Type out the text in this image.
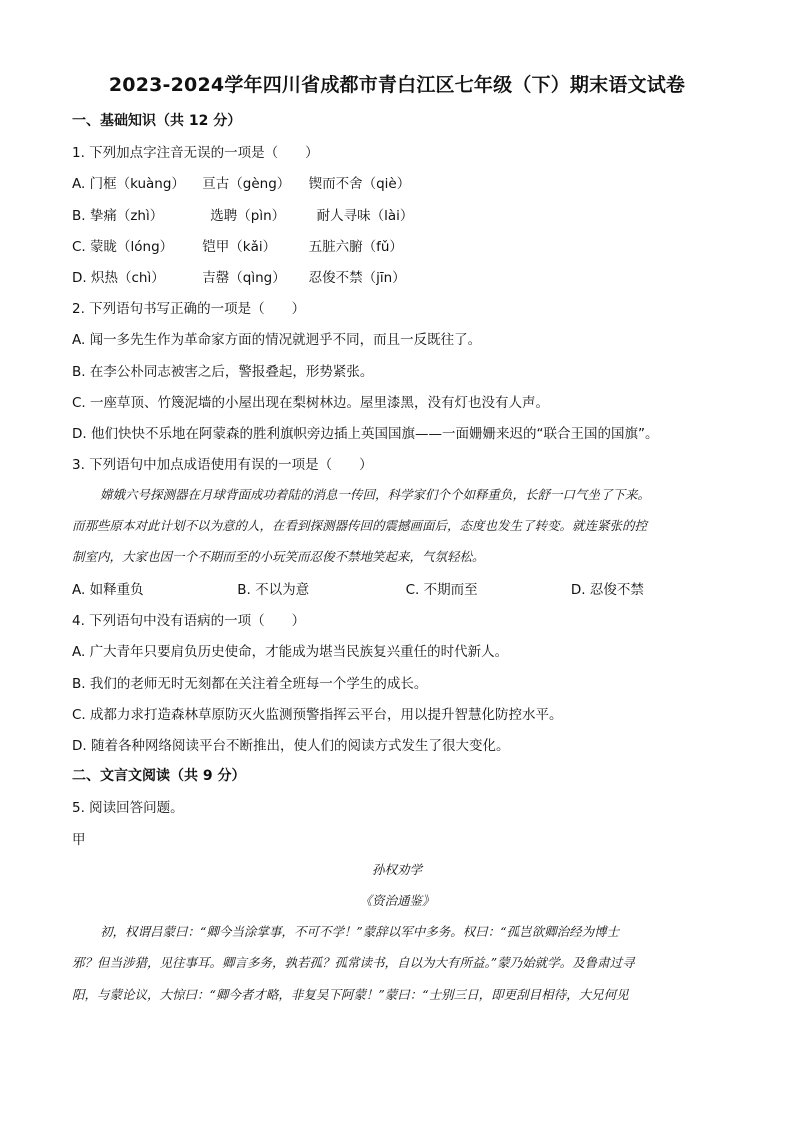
2023-2024学年四川省成都市青白江区七年级（下）期末语文试卷
一、基础知识（共 12 分）
1. 下列加点字注音无误的一项是（　　）
A. 门框（kuàng） 亘古（gèng） 锲而不舍（qiè）
B. 挚痛（zhì）	选聘（pìn） 耐人寻味（lài）
C. 蒙眬（lóng） 铠甲（kǎi） 五脏六腑（fǔ）
D. 炽热（chì）	吉罄（qìng） 忍俊不禁（jīn）
2. 下列语句书写正确的一项是（　　）
A. 闻一多先生作为革命家方面的情况就迥乎不同，而且一反既往了。
B. 在李公朴同志被害之后，警报叠起，形势紧张。
C. 一座草顶、竹篾泥墙的小屋出现在梨树林边。屋里漆黑，没有灯也没有人声。
D. 他们快快不乐地在阿蒙森的胜利旗帜旁边插上英国国旗——一面姗姗来迟的“联合王国的国旗”。
3. 下列语句中加点成语使用有误的一项是（　　）
嫦娥六号探测器在月球背面成功着陆的消息一传回，科学家们个个如释重负，长舒一口气坐了下来。
而那些原本对此计划不以为意的人，在看到探测器传回的震撼画面后，态度也发生了转变。就连紧张的控
制室内，大家也因一个不期而至的小玩笑而忍俊不禁地笑起来，气氛轻松。
A. 如释重负	B. 不以为意	C. 不期而至	D. 忍俊不禁
4. 下列语句中没有语病的一项（　　）
A. 广大青年只要肩负历史使命，才能成为堪当民族复兴重任的时代新人。
B. 我们的老师无时无刻都在关注着全班每一个学生的成长。
C. 成都力求打造森林草原防灭火监测预警指挥云平台，用以提升智慧化防控水平。
D. 随着各种网络阅读平台不断推出，使人们的阅读方式发生了很大变化。
二、文言文阅读（共 9 分）
5. 阅读回答问题。
甲
孙权劝学
《资治通鉴》
初，权谓吕蒙曰：“卿今当涂掌事，不可不学！”蒙辞以军中多务。权曰：“孤岂欲卿治经为博士
邪？但当涉猎，见往事耳。卿言多务，孰若孤？孤常读书，自以为大有所益。”蒙乃始就学。及鲁肃过寻
阳，与蒙论议，大惊曰：“卿今者才略，非复吴下阿蒙！”蒙曰：“士别三日，即更刮目相待，大兄何见
